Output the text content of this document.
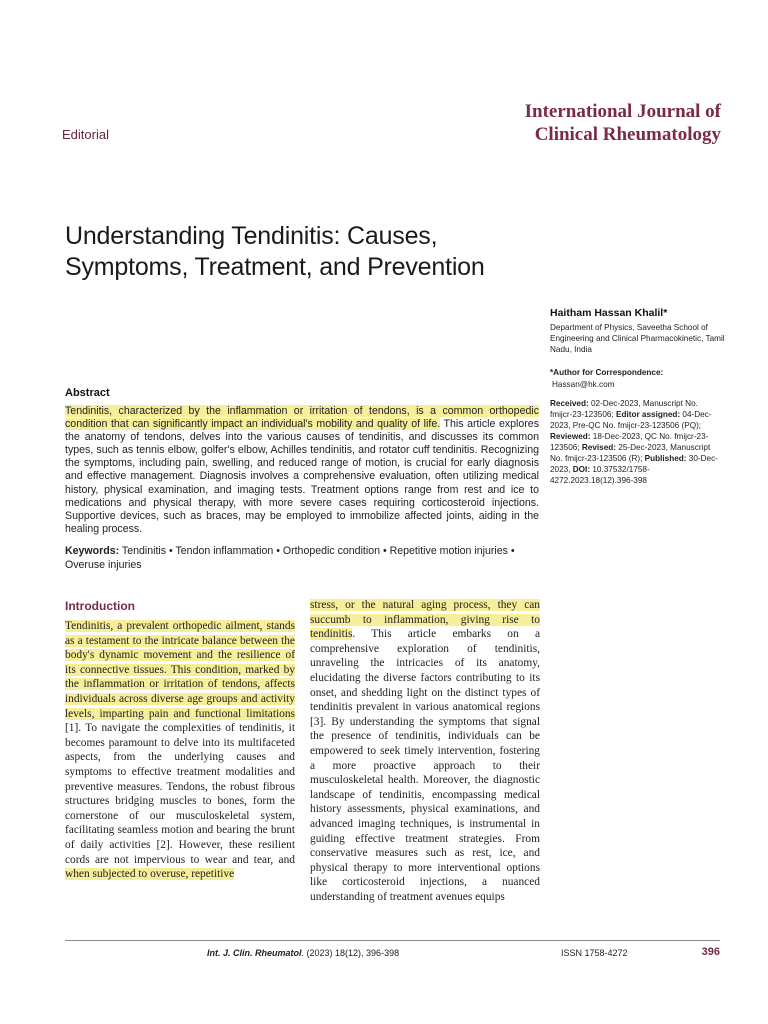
Editorial
International Journal of
Clinical Rheumatology
Understanding Tendinitis: Causes, Symptoms, Treatment, and Prevention
Haitham Hassan Khalil*
Department of Physics, Saveetha School of Engineering and Clinical Pharmacokinetic, Tamil Nadu, India
*Author for Correspondence:
Hassan@hk.com
Received: 02-Dec-2023, Manuscript No. fmijcr-23-123506; Editor assigned: 04-Dec-2023, Pre-QC No. fmijcr-23-123506 (PQ); Reviewed: 18-Dec-2023, QC No. fmijcr-23-123506; Revised: 25-Dec-2023, Manuscript No. fmijcr-23-123506 (R); Published: 30-Dec-2023, DOI: 10.37532/1758-4272.2023.18(12).396-398
Abstract
Tendinitis, characterized by the inflammation or irritation of tendons, is a common orthopedic condition that can significantly impact an individual's mobility and quality of life. This article explores the anatomy of tendons, delves into the various causes of tendinitis, and discusses its common types, such as tennis elbow, golfer's elbow, Achilles tendinitis, and rotator cuff tendinitis. Recognizing the symptoms, including pain, swelling, and reduced range of motion, is crucial for early diagnosis and effective management. Diagnosis involves a comprehensive evaluation, often utilizing medical history, physical examination, and imaging tests. Treatment options range from rest and ice to medications and physical therapy, with more severe cases requiring corticosteroid injections. Supportive devices, such as braces, may be employed to immobilize affected joints, aiding in the healing process.
Keywords: Tendinitis • Tendon inflammation • Orthopedic condition • Repetitive motion injuries • Overuse injuries
Introduction
Tendinitis, a prevalent orthopedic ailment, stands as a testament to the intricate balance between the body's dynamic movement and the resilience of its connective tissues. This condition, marked by the inflammation or irritation of tendons, affects individuals across diverse age groups and activity levels, imparting pain and functional limitations [1]. To navigate the complexities of tendinitis, it becomes paramount to delve into its multifaceted aspects, from the underlying causes and symptoms to effective treatment modalities and preventive measures. Tendons, the robust fibrous structures bridging muscles to bones, form the cornerstone of our musculoskeletal system, facilitating seamless motion and bearing the brunt of daily activities [2]. However, these resilient cords are not impervious to wear and tear, and when subjected to overuse, repetitive
stress, or the natural aging process, they can succumb to inflammation, giving rise to tendinitis. This article embarks on a comprehensive exploration of tendinitis, unraveling the intricacies of its anatomy, elucidating the diverse factors contributing to its onset, and shedding light on the distinct types of tendinitis prevalent in various anatomical regions [3]. By understanding the symptoms that signal the presence of tendinitis, individuals can be empowered to seek timely intervention, fostering a more proactive approach to their musculoskeletal health. Moreover, the diagnostic landscape of tendinitis, encompassing medical history assessments, physical examinations, and advanced imaging techniques, is instrumental in guiding effective treatment strategies. From conservative measures such as rest, ice, and physical therapy to more interventional options like corticosteroid injections, a nuanced understanding of treatment avenues equips
Int. J. Clin. Rheumatol. (2023) 18(12), 396-398	ISSN 1758-4272	396
